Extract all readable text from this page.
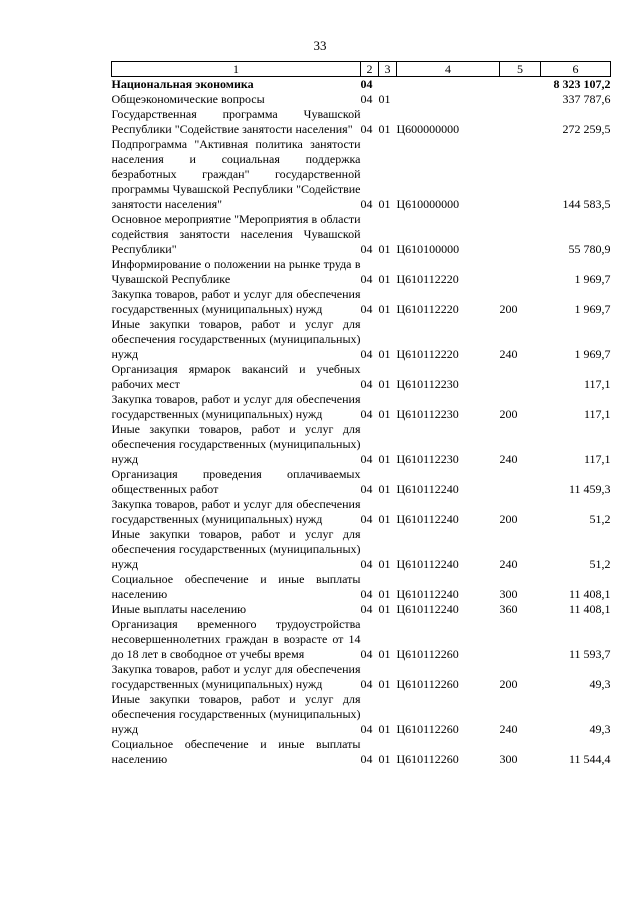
33
1	2	3	4	5	6
Национальная экономика	04				8 323 107,2
Общеэкономические вопросы	04	01			337 787,6
Государственная программа Чувашской Республики "Содействие занятости населения"	04	01	Ц600000000		272 259,5
Подпрограмма "Активная политика занятости населения и социальная поддержка безработных граждан" государственной программы Чувашской Республики "Содействие занятости населения"	04	01	Ц610000000		144 583,5
Основное мероприятие "Мероприятия в области содействия занятости населения Чувашской Республики"	04	01	Ц610100000		55 780,9
Информирование о положении на рынке труда в Чувашской Республике	04	01	Ц610112220		1 969,7
Закупка товаров, работ и услуг для обеспечения государственных (муниципальных) нужд	04	01	Ц610112220	200	1 969,7
Иные закупки товаров, работ и услуг для обеспечения государственных (муниципальных) нужд	04	01	Ц610112220	240	1 969,7
Организация ярмарок вакансий и учебных рабочих мест	04	01	Ц610112230		117,1
Закупка товаров, работ и услуг для обеспечения государственных (муниципальных) нужд	04	01	Ц610112230	200	117,1
Иные закупки товаров, работ и услуг для обеспечения государственных (муниципальных) нужд	04	01	Ц610112230	240	117,1
Организация проведения оплачиваемых общественных работ	04	01	Ц610112240		11 459,3
Закупка товаров, работ и услуг для обеспечения государственных (муниципальных) нужд	04	01	Ц610112240	200	51,2
Иные закупки товаров, работ и услуг для обеспечения государственных (муниципальных) нужд	04	01	Ц610112240	240	51,2
Социальное обеспечение и иные выплаты населению	04	01	Ц610112240	300	11 408,1
Иные выплаты населению	04	01	Ц610112240	360	11 408,1
Организация временного трудоустройства несовершеннолетних граждан в возрасте от 14 до 18 лет в свободное от учебы время	04	01	Ц610112260		11 593,7
Закупка товаров, работ и услуг для обеспечения государственных (муниципальных) нужд	04	01	Ц610112260	200	49,3
Иные закупки товаров, работ и услуг для обеспечения государственных (муниципальных) нужд	04	01	Ц610112260	240	49,3
Социальное обеспечение и иные выплаты населению	04	01	Ц610112260	300	11 544,4
